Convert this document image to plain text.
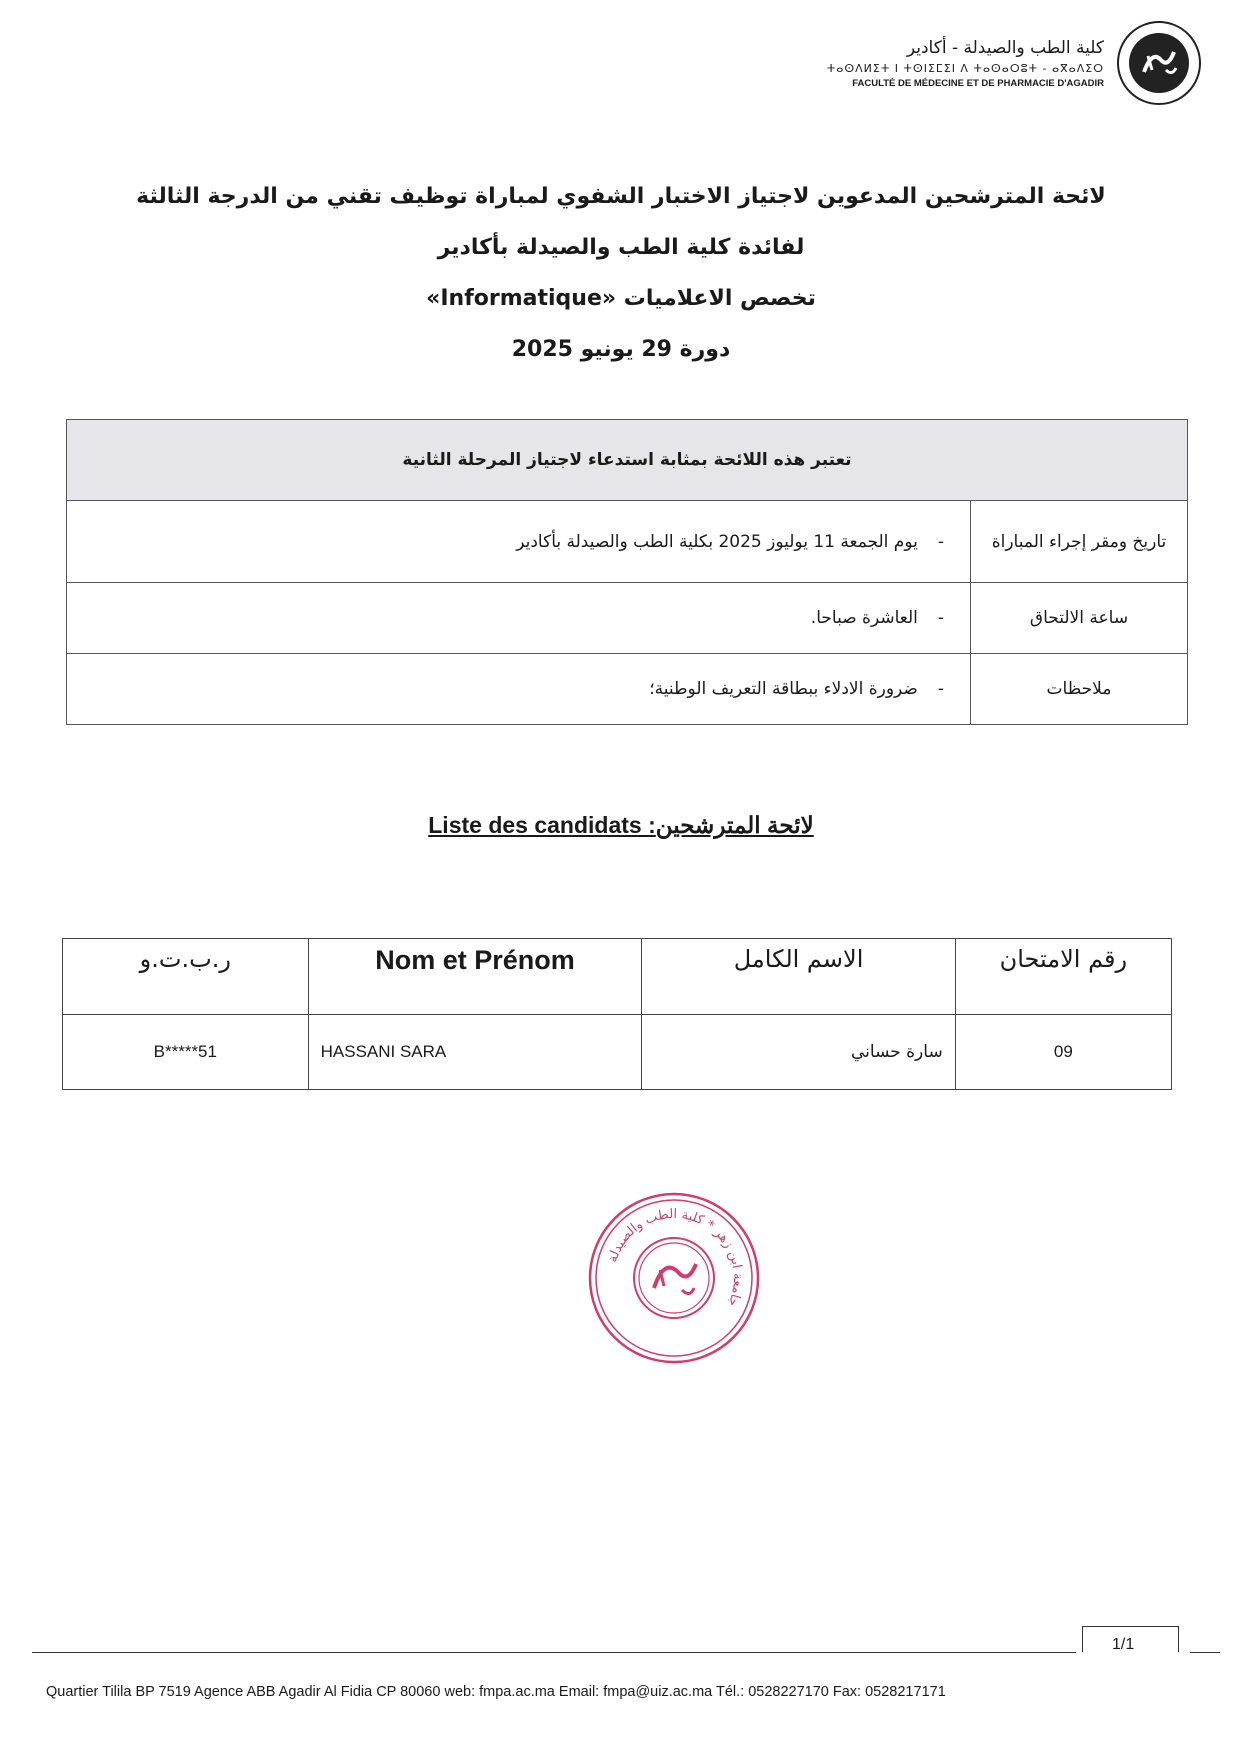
كلية الطب والصيدلة - أكادير
ⵜⴰⵙⴷⵍⵉⵜ ⵏ ⵜⵙⵏⵉⵎⵉⵏ ⴷ ⵜⴰⵙⴰⵔⵓⵜ - ⴰⴳⴰⴷⵉⵔ
FACULTÉ DE MÉDECINE ET DE PHARMACIE D'AGADIR
لائحة المترشحين المدعوين لاجتياز الاختبار الشفوي لمباراة توظيف تقني من الدرجة الثالثة
لفائدة كلية الطب والصيدلة بأكادير
تخصص الاعلاميات «Informatique»
دورة 29 يونيو 2025
تعتبر هذه اللائحة بمثابة استدعاء لاجتياز المرحلة الثانية	
تاريخ ومقر إجراء المباراة	-يوم الجمعة 11 يوليوز 2025 بكلية الطب والصيدلة بأكادير
ساعة الالتحاق	-العاشرة صباحا.
ملاحظات	-ضرورة الادلاء ببطاقة التعريف الوطنية؛
Liste des candidats :لائحة المترشحين
ر.ب.ت.و	Nom et Prénom	الاسم الكامل	رقم الامتحان
B*****51	HASSANI SARA	سارة حساني	09
جامعة ابن زهر * كلية الطب والصيدلة
1/1
Quartier Tilila BP 7519 Agence ABB Agadir Al Fidia CP 80060 web: fmpa.ac.ma Email: fmpa@uiz.ac.ma Tél.: 0528227170 Fax: 0528217171
